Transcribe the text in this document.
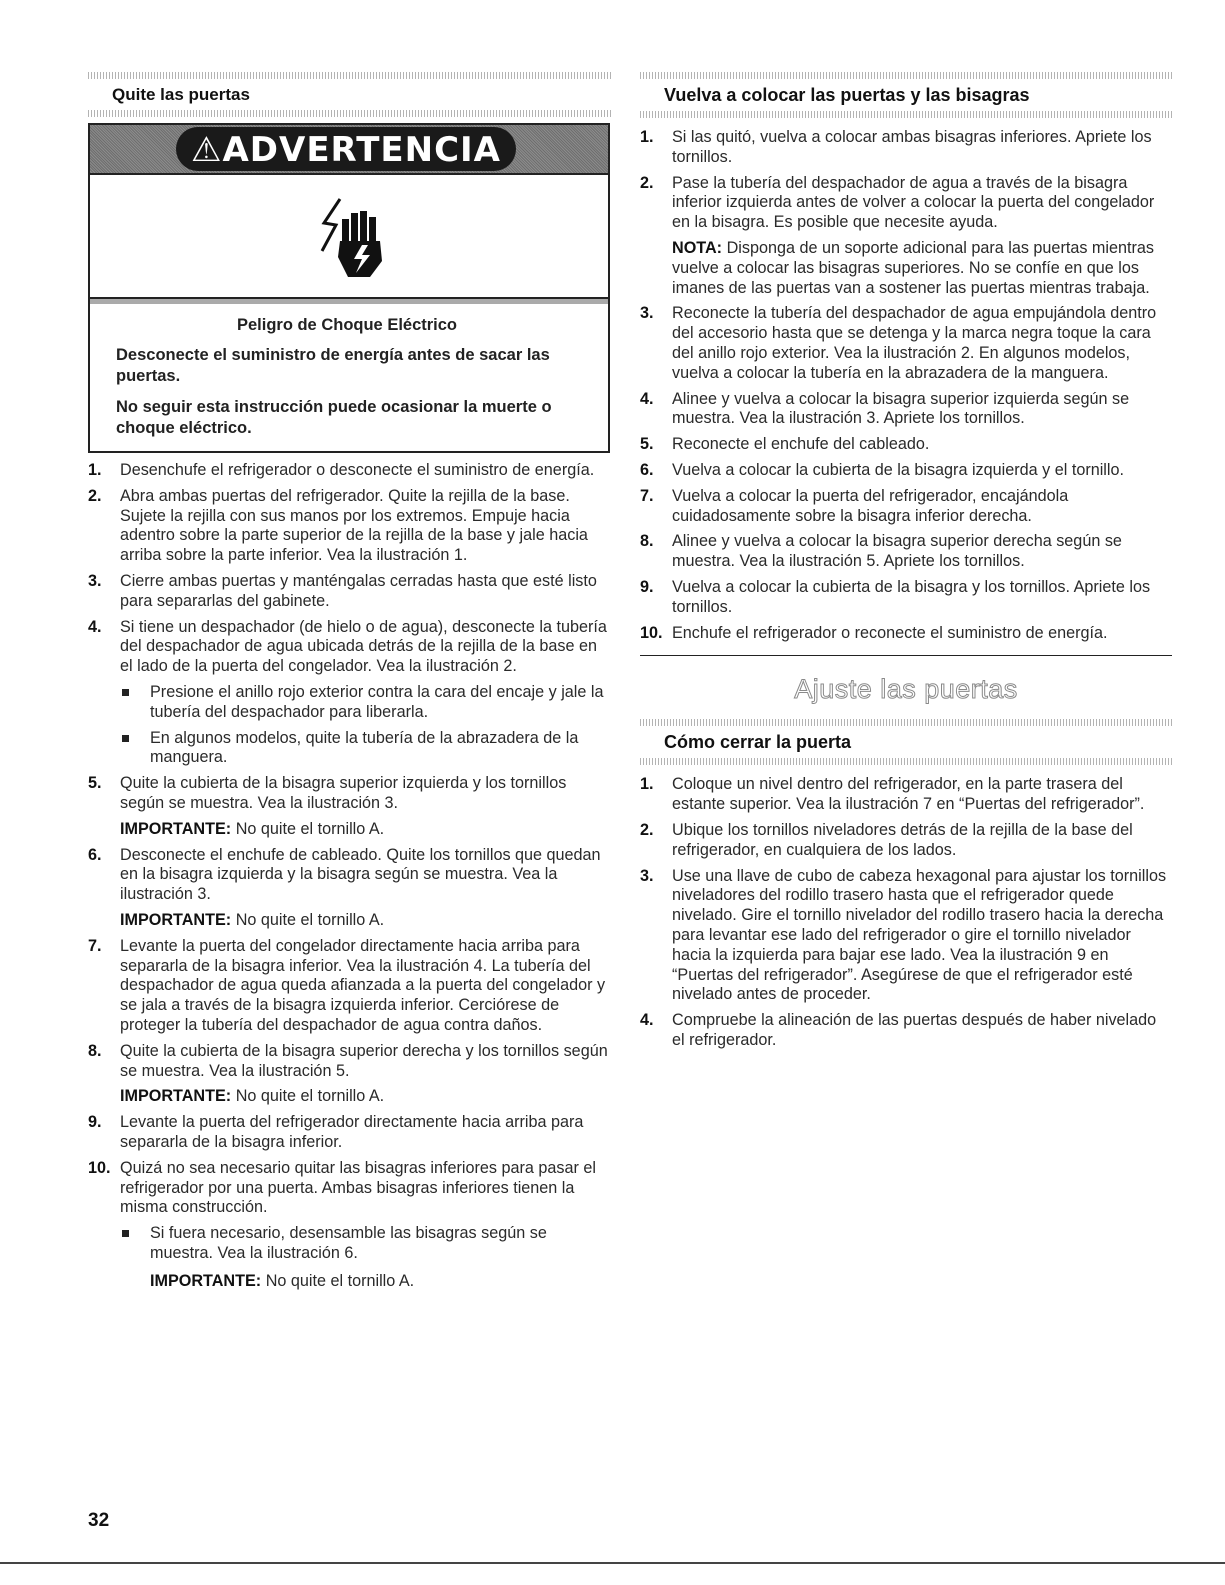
Quite las puertas
⚠ADVERTENCIA
Peligro de Choque Eléctrico
Desconecte el suministro de energía antes de sacar las puertas.
No seguir esta instrucción puede ocasionar la muerte o choque eléctrico.
1. Desenchufe el refrigerador o desconecte el suministro de energía.
2. Abra ambas puertas del refrigerador. Quite la rejilla de la base. Sujete la rejilla con sus manos por los extremos. Empuje hacia adentro sobre la parte superior de la rejilla de la base y jale hacia arriba sobre la parte inferior. Vea la ilustración 1.
3. Cierre ambas puertas y manténgalas cerradas hasta que esté listo para separarlas del gabinete.
4. Si tiene un despachador (de hielo o de agua), desconecte la tubería del despachador de agua ubicada detrás de la rejilla de la base en el lado de la puerta del congelador. Vea la ilustración 2.
Presione el anillo rojo exterior contra la cara del encaje y jale la tubería del despachador para liberarla.
En algunos modelos, quite la tubería de la abrazadera de la manguera.
5. Quite la cubierta de la bisagra superior izquierda y los tornillos según se muestra. Vea la ilustración 3.
IMPORTANTE: No quite el tornillo A.
6. Desconecte el enchufe de cableado. Quite los tornillos que quedan en la bisagra izquierda y la bisagra según se muestra. Vea la ilustración 3.
IMPORTANTE: No quite el tornillo A.
7. Levante la puerta del congelador directamente hacia arriba para separarla de la bisagra inferior. Vea la ilustración 4. La tubería del despachador de agua queda afianzada a la puerta del congelador y se jala a través de la bisagra izquierda inferior. Cerciórese de proteger la tubería del despachador de agua contra daños.
8. Quite la cubierta de la bisagra superior derecha y los tornillos según se muestra. Vea la ilustración 5.
IMPORTANTE: No quite el tornillo A.
9. Levante la puerta del refrigerador directamente hacia arriba para separarla de la bisagra inferior.
10. Quizá no sea necesario quitar las bisagras inferiores para pasar el refrigerador por una puerta. Ambas bisagras inferiores tienen la misma construcción.
Si fuera necesario, desensamble las bisagras según se muestra. Vea la ilustración 6.
IMPORTANTE: No quite el tornillo A.
Vuelva a colocar las puertas y las bisagras
1. Si las quitó, vuelva a colocar ambas bisagras inferiores. Apriete los tornillos.
2. Pase la tubería del despachador de agua a través de la bisagra inferior izquierda antes de volver a colocar la puerta del congelador en la bisagra. Es posible que necesite ayuda.
NOTA: Disponga de un soporte adicional para las puertas mientras vuelve a colocar las bisagras superiores. No se confíe en que los imanes de las puertas van a sostener las puertas mientras trabaja.
3. Reconecte la tubería del despachador de agua empujándola dentro del accesorio hasta que se detenga y la marca negra toque la cara del anillo rojo exterior. Vea la ilustración 2. En algunos modelos, vuelva a colocar la tubería en la abrazadera de la manguera.
4. Alinee y vuelva a colocar la bisagra superior izquierda según se muestra. Vea la ilustración 3. Apriete los tornillos.
5. Reconecte el enchufe del cableado.
6. Vuelva a colocar la cubierta de la bisagra izquierda y el tornillo.
7. Vuelva a colocar la puerta del refrigerador, encajándola cuidadosamente sobre la bisagra inferior derecha.
8. Alinee y vuelva a colocar la bisagra superior derecha según se muestra. Vea la ilustración 5. Apriete los tornillos.
9. Vuelva a colocar la cubierta de la bisagra y los tornillos. Apriete los tornillos.
10. Enchufe el refrigerador o reconecte el suministro de energía.
Ajuste las puertas
Cómo cerrar la puerta
1. Coloque un nivel dentro del refrigerador, en la parte trasera del estante superior. Vea la ilustración 7 en “Puertas del refrigerador”.
2. Ubique los tornillos niveladores detrás de la rejilla de la base del refrigerador, en cualquiera de los lados.
3. Use una llave de cubo de cabeza hexagonal para ajustar los tornillos niveladores del rodillo trasero hasta que el refrigerador quede nivelado. Gire el tornillo nivelador del rodillo trasero hacia la derecha para levantar ese lado del refrigerador o gire el tornillo nivelador hacia la izquierda para bajar ese lado. Vea la ilustración 9 en “Puertas del refrigerador”. Asegúrese de que el refrigerador esté nivelado antes de proceder.
4. Compruebe la alineación de las puertas después de haber nivelado el refrigerador.
32
